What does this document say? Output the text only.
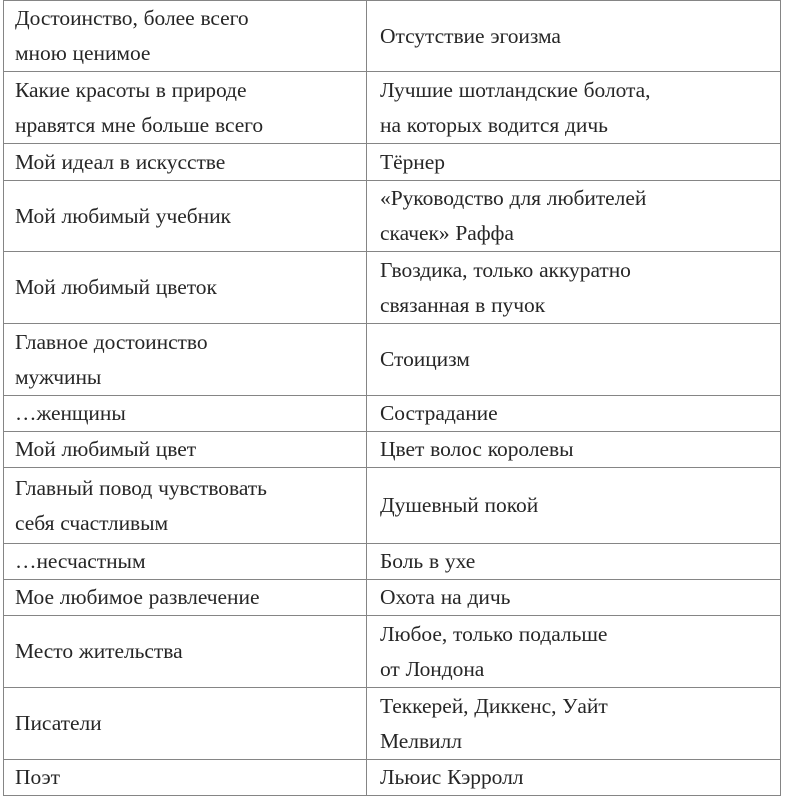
Достоинство, более всего
мною ценимое	Отсутствие эгоизма

Какие красоты в природе
нравятся мне больше всего	Лучшие шотландские болота,
на которых водится дичь

Мой идеал в искусстве	Тёрнер

Мой любимый учебник	«Руководство для любителей
скачек» Раффа

Мой любимый цветок	Гвоздика, только аккуратно
связанная в пучок

Главное достоинство
мужчины	Стоицизм

…женщины	Сострадание

Мой любимый цвет	Цвет волос королевы

Главный повод чувствовать
себя счастливым	Душевный покой

…несчастным	Боль в ухе

Мое любимое развлечение	Охота на дичь

Место жительства	Любое, только подальше
от Лондона

Писатели	Теккерей, Диккенс, Уайт
Мелвилл

Поэт	Льюис Кэрролл
